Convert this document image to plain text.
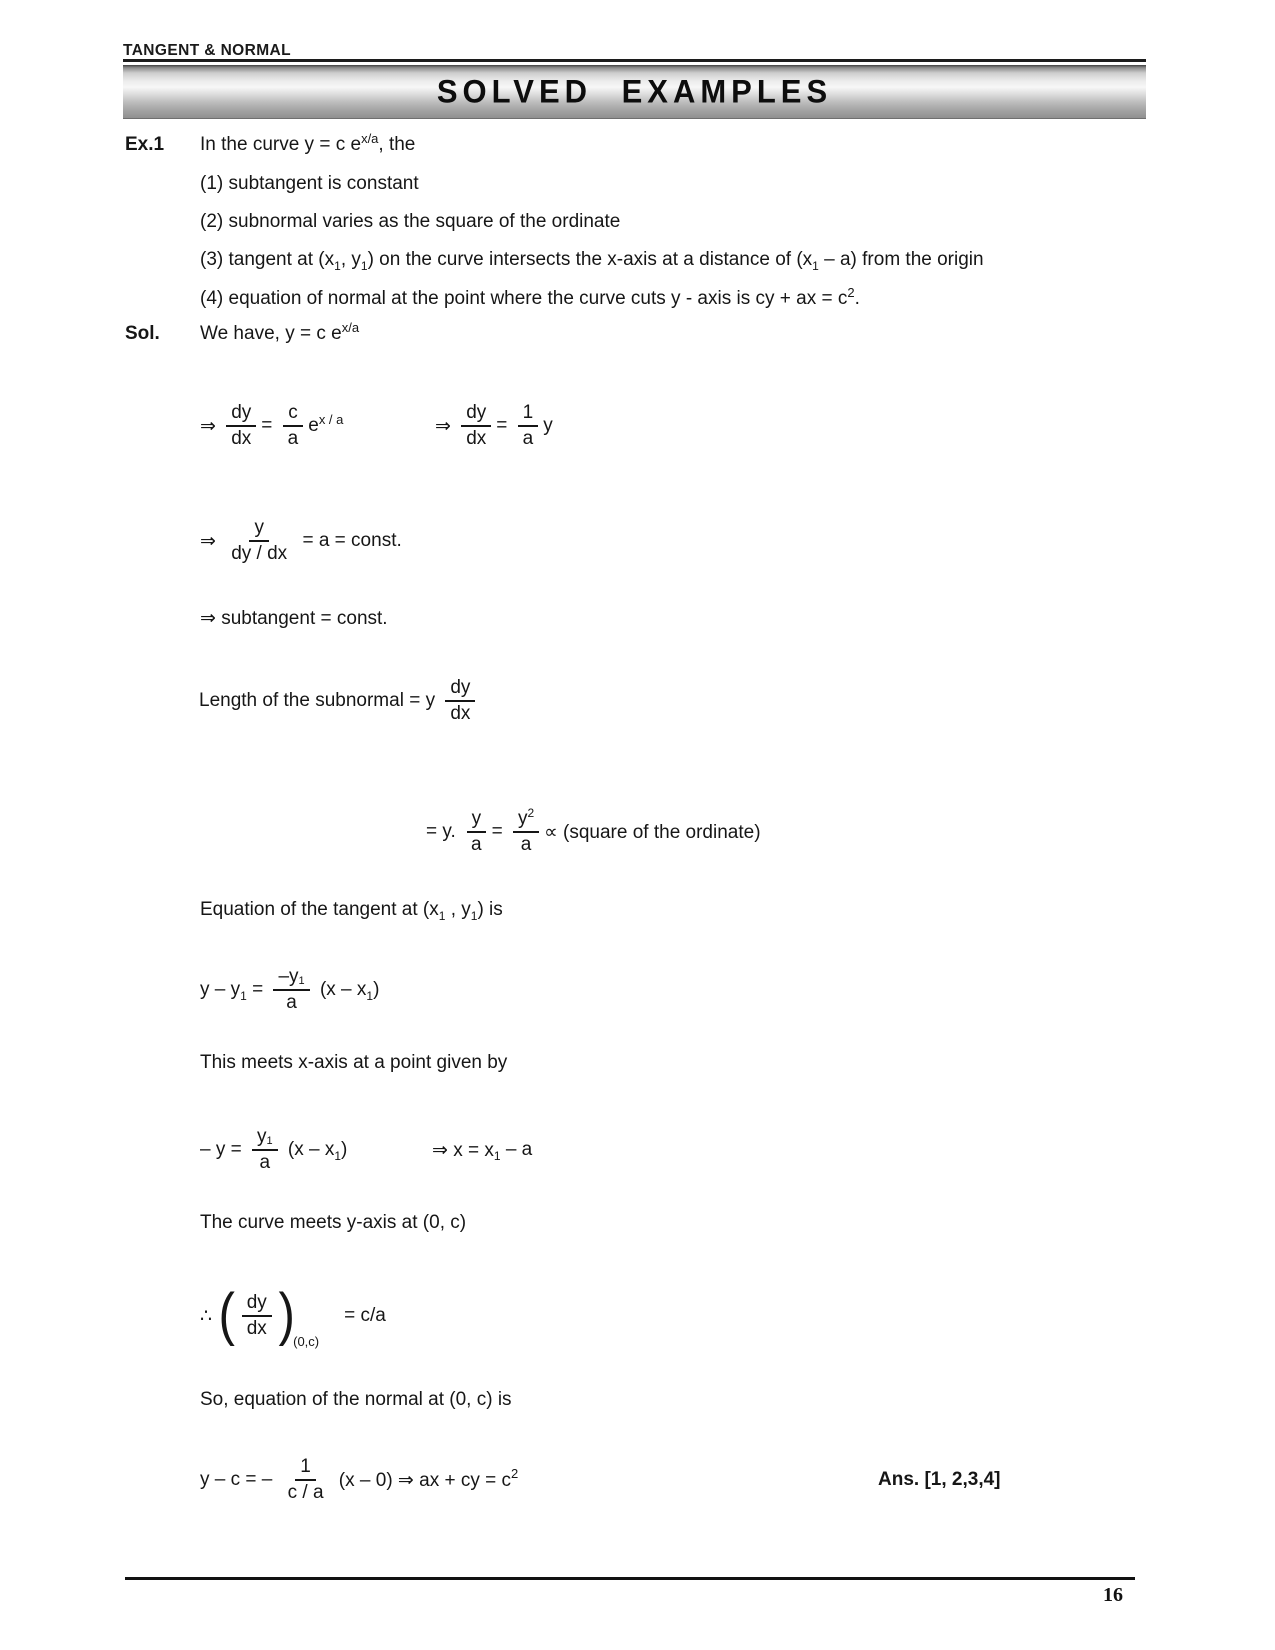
TANGENT & NORMAL
SOLVED EXAMPLES
Ex.1 In the curve y = c e x/a , the
(1) subtangent is constant
(2) subnormal varies as the square of the ordinate
(3) tangent at (x 1 , y 1 ) on the curve intersects the x-axis at a distance of (x 1 – a) from the origin
(4) equation of normal at the point where the curve cuts y - axis is cy + ax = c 2 .
Sol. We have, y = c e x/a
⇒ $\frac{dy}{dx} = \frac{c}{a}$ e x / a	⇒ $\frac{dy}{dx} = \frac{1}{a}$ y
⇒ $\frac{y}{dy / dx} = a$ = const.
⇒ subtangent = const.
Length of the subnormal = y $\frac{dy}{dx}$
= y. $\frac{y}{a} = \frac{y 2}{a}$ ∝ (square of the ordinate)
Equation of the tangent at (x 1 , y 1 ) is
y – y $1 = \frac{-y 1}{a} (x - x$ 1 )
This meets x-axis at a point given by
– $y = \frac{y 1}{a} (x - x$ 1 )	⇒ x = x 1 – a
The curve meets y-axis at (0, c)
∴ ( $\frac{dy}{dx}$ )
(0,c)
= c/a
So, equation of the normal at (0, c) is
y – c = – $\frac{1}{c / a} (x - 0)$ ⇒ ax + cy = c 2	Ans. [1, 2,3,4]
16
